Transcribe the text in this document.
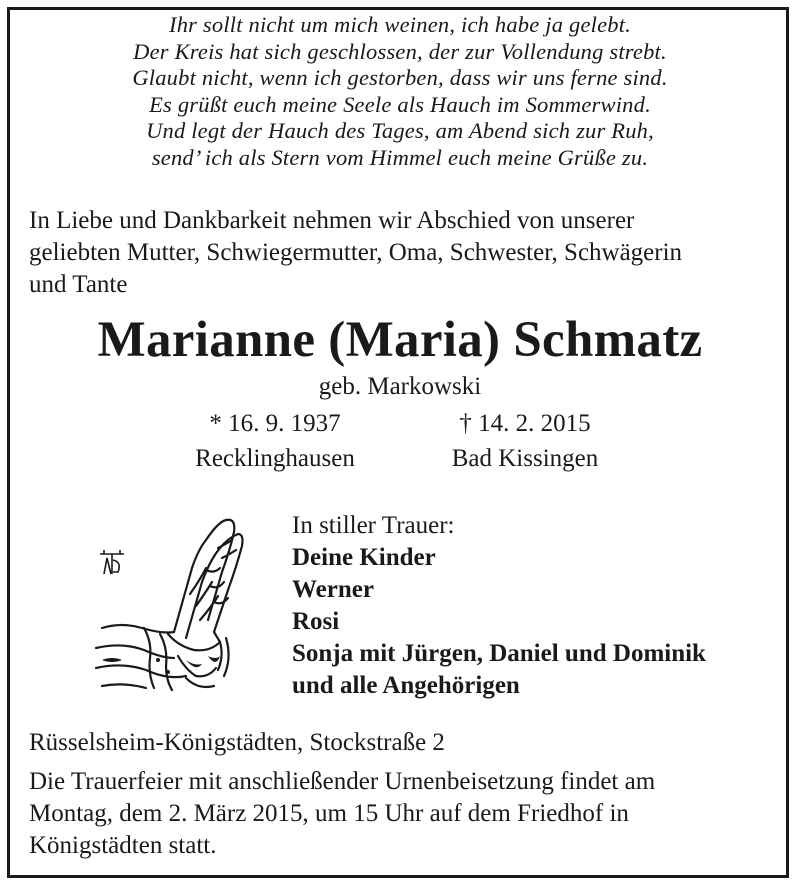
Ihr sollt nicht um mich weinen, ich habe ja gelebt.
Der Kreis hat sich geschlossen, der zur Vollendung strebt.
Glaubt nicht, wenn ich gestorben, dass wir uns ferne sind.
Es grüßt euch meine Seele als Hauch im Sommerwind.
Und legt der Hauch des Tages, am Abend sich zur Ruh,
send’ ich als Stern vom Himmel euch meine Grüße zu.
In Liebe und Dankbarkeit nehmen wir Abschied von unserer
geliebten Mutter, Schwiegermutter, Oma, Schwester, Schwägerin
und Tante
Marianne (Maria) Schmatz
geb. Markowski
* 16. 9. 1937	† 14. 2. 2015
Recklinghausen	Bad Kissingen
AD
In stiller Trauer:
Deine Kinder
Werner
Rosi
Sonja mit Jürgen, Daniel und Dominik
und alle Angehörigen
Rüsselsheim-Königstädten, Stockstraße 2
Die Trauerfeier mit anschließender Urnenbeisetzung findet am
Montag, dem 2. März 2015, um 15 Uhr auf dem Friedhof in
Königstädten statt.
